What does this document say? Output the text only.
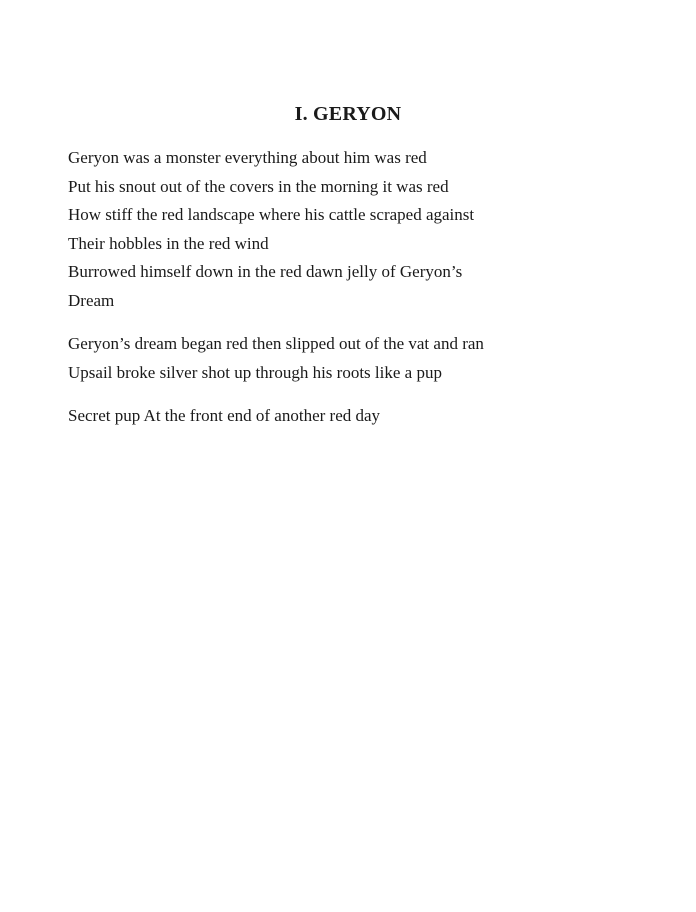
I. GERYON
Geryon was a monster everything about him was red
Put his snout out of the covers in the morning it was red
How stiff the red landscape where his cattle scraped against
Their hobbles in the red wind
Burrowed himself down in the red dawn jelly of Geryon’s
Dream
Geryon’s dream began red then slipped out of the vat and ran
Upsail broke silver shot up through his roots like a pup
Secret pup At the front end of another red day
